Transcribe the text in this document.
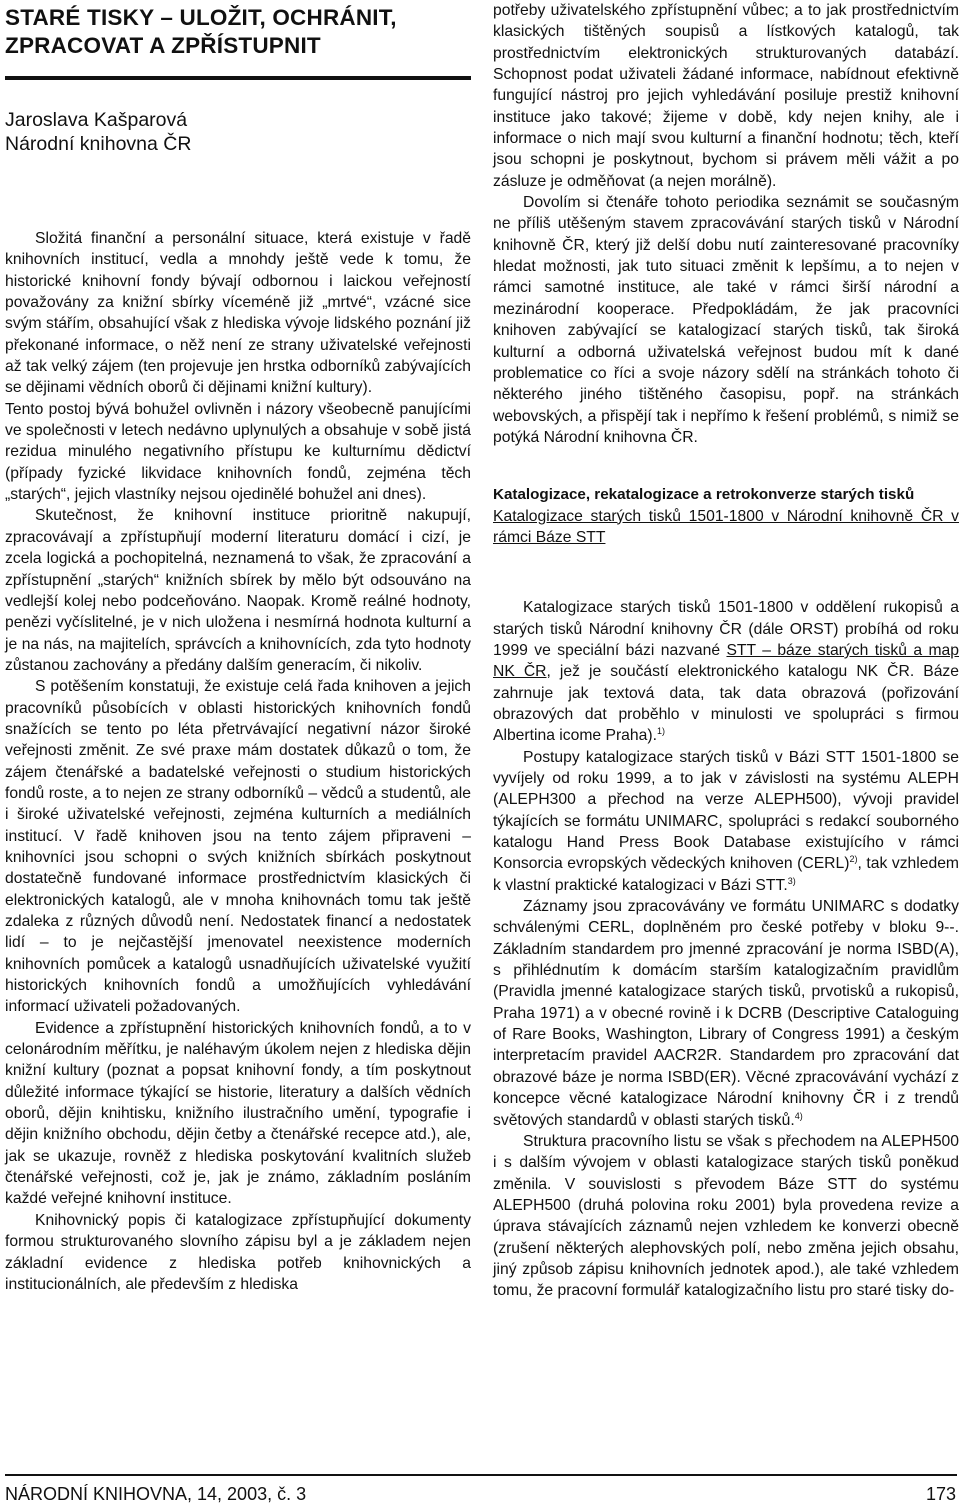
STARÉ TISKY – ULOŽIT, OCHRÁNIT,
ZPRACOVAT A ZPŘÍSTUPNIT
Jaroslava Kašparová
Národní knihovna ČR

Složitá finanční a personální situace, která existuje v řadě knihovních institucí, vedla a mnohdy ještě vede k tomu, že historické knihovní fondy bývají odbornou i laickou veřejností považovány za knižní sbírky víceméně již „mrtvé“, vzácné sice svým stářím, obsahující však z hlediska vývoje lidského poznání již překonané informace, o něž není ze strany uživatelské veřejnosti až tak velký zájem (ten projevuje jen hrstka odborníků zabývajících se dějinami vědních oborů či dějinami knižní kultury).

Tento postoj bývá bohužel ovlivněn i názory všeobecně panujícími ve společnosti v letech nedávno uplynulých a obsahuje v sobě jistá rezidua minulého negativního přístupu ke kulturnímu dědictví (případy fyzické likvidace knihovních fondů, zejména těch „starých“, jejich vlastníky nejsou ojedinělé bohužel ani dnes).

Skutečnost, že knihovní instituce prioritně nakupují, zpracovávají a zpřístupňují moderní literaturu domácí i cizí, je zcela logická a pochopitelná, neznamená to však, že zpracování a zpřístupnění „starých“ knižních sbírek by mělo být odsouváno na vedlejší kolej nebo podceňováno. Naopak. Kromě reálné hodnoty, penězi vyčíslitelné, je v nich uložena i nesmírná hodnota kulturní a je na nás, na majitelích, správcích a knihovnících, zda tyto hodnoty zůstanou zachovány a předány dalším generacím, či nikoliv.

S potěšením konstatuji, že existuje celá řada knihoven a jejich pracovníků působících v oblasti historických knihovních fondů snažících se tento po léta přetrvávající negativní názor široké veřejnosti změnit. Ze své praxe mám dostatek důkazů o tom, že zájem čtenářské a badatelské veřejnosti o studium historických fondů roste, a to nejen ze strany odborníků – vědců a studentů, ale i široké uživatelské veřejnosti, zejména kulturních a mediálních institucí. V řadě knihoven jsou na tento zájem připraveni – knihovníci jsou schopni o svých knižních sbírkách poskytnout dostatečně fundované informace prostřednictvím klasických či elektronických katalogů, ale v mnoha knihovnách tomu tak ještě zdaleka z různých důvodů není. Nedostatek financí a nedostatek lidí – to je nejčastější jmenovatel neexistence moderních knihovních pomůcek a katalogů usnadňujících uživatelské využití historických knihovních fondů a umožňujících vyhledávání informací uživateli požadovaných.

Evidence a zpřístupnění historických knihovních fondů, a to v celonárodním měřítku, je naléhavým úkolem nejen z hlediska dějin knižní kultury (poznat a popsat knihovní fondy, a tím poskytnout důležité informace týkající se historie, literatury a dalších vědních oborů, dějin knihtisku, knižního ilustračního umění, typografie i dějin knižního obchodu, dějin četby a čtenářské recepce atd.), ale, jak se ukazuje, rovněž z hlediska poskytování kvalitních služeb čtenářské veřejnosti, což je, jak je známo, základním posláním každé veřejné knihovní instituce.

Knihovnický popis či katalogizace zpřístupňující dokumenty formou strukturovaného slovního zápisu byl a je základem nejen základní evidence z hlediska potřeb knihovnických a institucionálních, ale především z hlediska

potřeby uživatelského zpřístupnění vůbec; a to jak prostřednictvím klasických tištěných soupisů a lístkových katalogů, tak prostřednictvím elektronických strukturovaných databází. Schopnost podat uživateli žádané informace, nabídnout efektivně fungující nástroj pro jejich vyhledávání posiluje prestiž knihovní instituce jako takové; žijeme v době, kdy nejen knihy, ale i informace o nich mají svou kulturní a finanční hodnotu; těch, kteří jsou schopni je poskytnout, bychom si právem měli vážit a po zásluze je odměňovat (a nejen morálně).

Dovolím si čtenáře tohoto periodika seznámit se současným ne příliš utěšeným stavem zpracovávání starých tisků v Národní knihovně ČR, který již delší dobu nutí zainteresované pracovníky hledat možnosti, jak tuto situaci změnit k lepšímu, a to nejen v rámci samotné instituce, ale také v rámci širší národní a mezinárodní kooperace. Předpokládám, že jak pracovníci knihoven zabývající se katalogizací starých tisků, tak široká kulturní a odborná uživatelská veřejnost budou mít k dané problematice co říci a svoje názory sdělí na stránkách tohoto či některého jiného tištěného časopisu, popř. na stránkách webovských, a přispějí tak i nepřímo k řešení problémů, s nimiž se potýká Národní knihovna ČR.

Katalogizace, rekatalogizace a retrokonverze starých tisků
Katalogizace starých tisků 1501-1800 v Národní knihovně ČR v rámci Báze STT

Katalogizace starých tisků 1501-1800 v oddělení rukopisů a starých tisků Národní knihovny ČR (dále ORST) probíhá od roku 1999 ve speciální bázi nazvané STT – báze starých tisků a map NK ČR, jež je součástí elektronického katalogu NK ČR. Báze zahrnuje jak textová data, tak data obrazová (pořizování obrazových dat proběhlo v minulosti ve spolupráci s firmou Albertina icome Praha).$^{1)}$

Postupy katalogizace starých tisků v Bázi STT 1501-1800 se vyvíjely od roku 1999, a to jak v závislosti na systému ALEPH (ALEPH300 a přechod na verze ALEPH500), vývoji pravidel týkajících se formátu UNIMARC, spolupráci s redakcí souborného katalogu Hand Press Book Database existujícího v rámci Konsorcia evropských vědeckých knihoven (CERL)$^{2)}$, tak vzhledem k vlastní praktické katalogizaci v Bázi STT.$^{3)}$

Záznamy jsou zpracovávány ve formátu UNIMARC s dodatky schválenými CERL, doplněném pro české potřeby v bloku 9--. Základním standardem pro jmenné zpracování je norma ISBD(A), s přihlédnutím k domácím starším katalogizačním pravidlům (Pravidla jmenné katalogizace starých tisků, prvotisků a rukopisů, Praha 1971) a v obecné rovině i k DCRB (Descriptive Cataloguing of Rare Books, Washington, Library of Congress 1991) a českým interpretacím pravidel AACR2R. Standardem pro zpracování dat obrazové báze je norma ISBD(ER). Věcné zpracovávání vychází z koncepce věcné katalogizace Národní knihovny ČR i z trendů světových standardů v oblasti starých tisků.$^{4)}$

Struktura pracovního listu se však s přechodem na ALEPH500 i s dalším vývojem v oblasti katalogizace starých tisků poněkud změnila. V souvislosti s převodem Báze STT do systému ALEPH500 (druhá polovina roku 2001) byla provedena revize a úprava stávajících záznamů nejen vzhledem ke konverzi obecně (zrušení některých alephovských polí, nebo změna jejich obsahu, jiný způsob zápisu knihovních jednotek apod.), ale také vzhledem tomu, že pracovní formulář katalogizačního listu pro staré tisky do-

NÁRODNÍ KNIHOVNA, 14, 2003, č. 3	173
